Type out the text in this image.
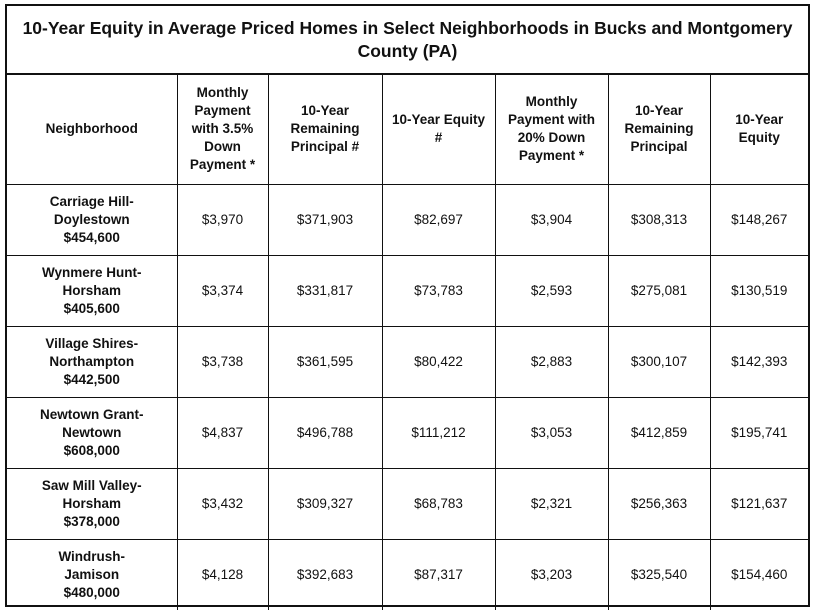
10-Year Equity in Average Priced Homes in Select Neighborhoods in Bucks and Montgomery County (PA)
Neighborhood	Monthly Payment with 3.5% Down Payment *	10-Year Remaining Principal #	10-Year Equity #	Monthly Payment with 20% Down Payment *	10-Year Remaining Principal	10-Year Equity

Carriage Hill-
Doylestown
$454,600	$3,970	$371,903	$82,697	$3,904	$308,313	$148,267

Wynmere Hunt-
Horsham
$405,600	$3,374	$331,817	$73,783	$2,593	$275,081	$130,519

Village Shires-
Northampton
$442,500	$3,738	$361,595	$80,422	$2,883	$300,107	$142,393

Newtown Grant-
Newtown
$608,000	$4,837	$496,788	$111,212	$3,053	$412,859	$195,741

Saw Mill Valley-
Horsham
$378,000	$3,432	$309,327	$68,783	$2,321	$256,363	$121,637

Windrush-
Jamison
$480,000	$4,128	$392,683	$87,317	$3,203	$325,540	$154,460
